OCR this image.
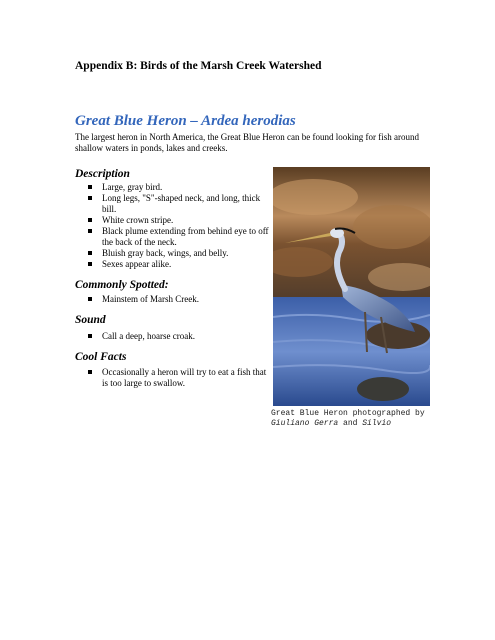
Appendix B: Birds of the Marsh Creek Watershed
Great Blue Heron – Ardea herodias
The largest heron in North America, the Great Blue Heron can be found looking for fish around shallow waters in ponds, lakes and creeks.
Description
Large, gray bird.
Long legs, "S"-shaped neck, and long, thick bill.
White crown stripe.
Black plume extending from behind eye to off the back of the neck.
Bluish gray back, wings, and belly.
Sexes appear alike.
Commonly Spotted:
Mainstem of Marsh Creek.
Sound
Call a deep, hoarse croak.
Cool Facts
Occasionally a heron will try to eat a fish that is too large to swallow.
Great Blue Heron photographed by
Giuliano Gerra and Silvio
